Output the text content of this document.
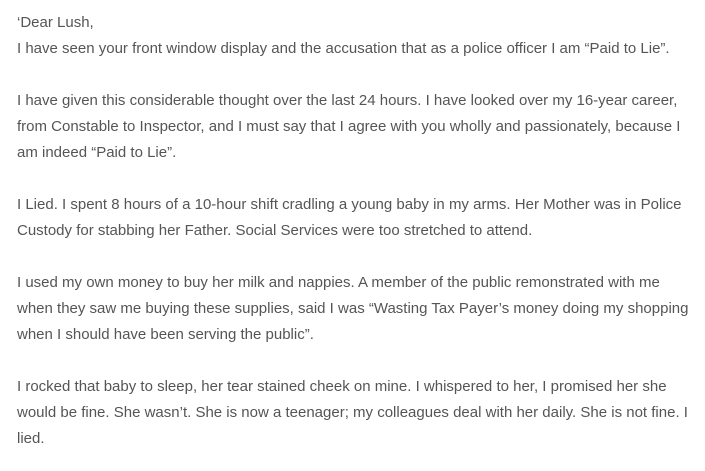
‘Dear Lush,
I have seen your front window display and the accusation that as a police officer I am “Paid to Lie”.

I have given this considerable thought over the last 24 hours. I have looked over my 16-year career,
from Constable to Inspector, and I must say that I agree with you wholly and passionately, because I
am indeed “Paid to Lie”.

I Lied. I spent 8 hours of a 10-hour shift cradling a young baby in my arms. Her Mother was in Police
Custody for stabbing her Father. Social Services were too stretched to attend.

I used my own money to buy her milk and nappies. A member of the public remonstrated with me
when they saw me buying these supplies, said I was “Wasting Tax Payer’s money doing my shopping
when I should have been serving the public”.

I rocked that baby to sleep, her tear stained cheek on mine. I whispered to her, I promised her she
would be fine. She wasn’t. She is now a teenager; my colleagues deal with her daily. She is not fine. I
lied.
